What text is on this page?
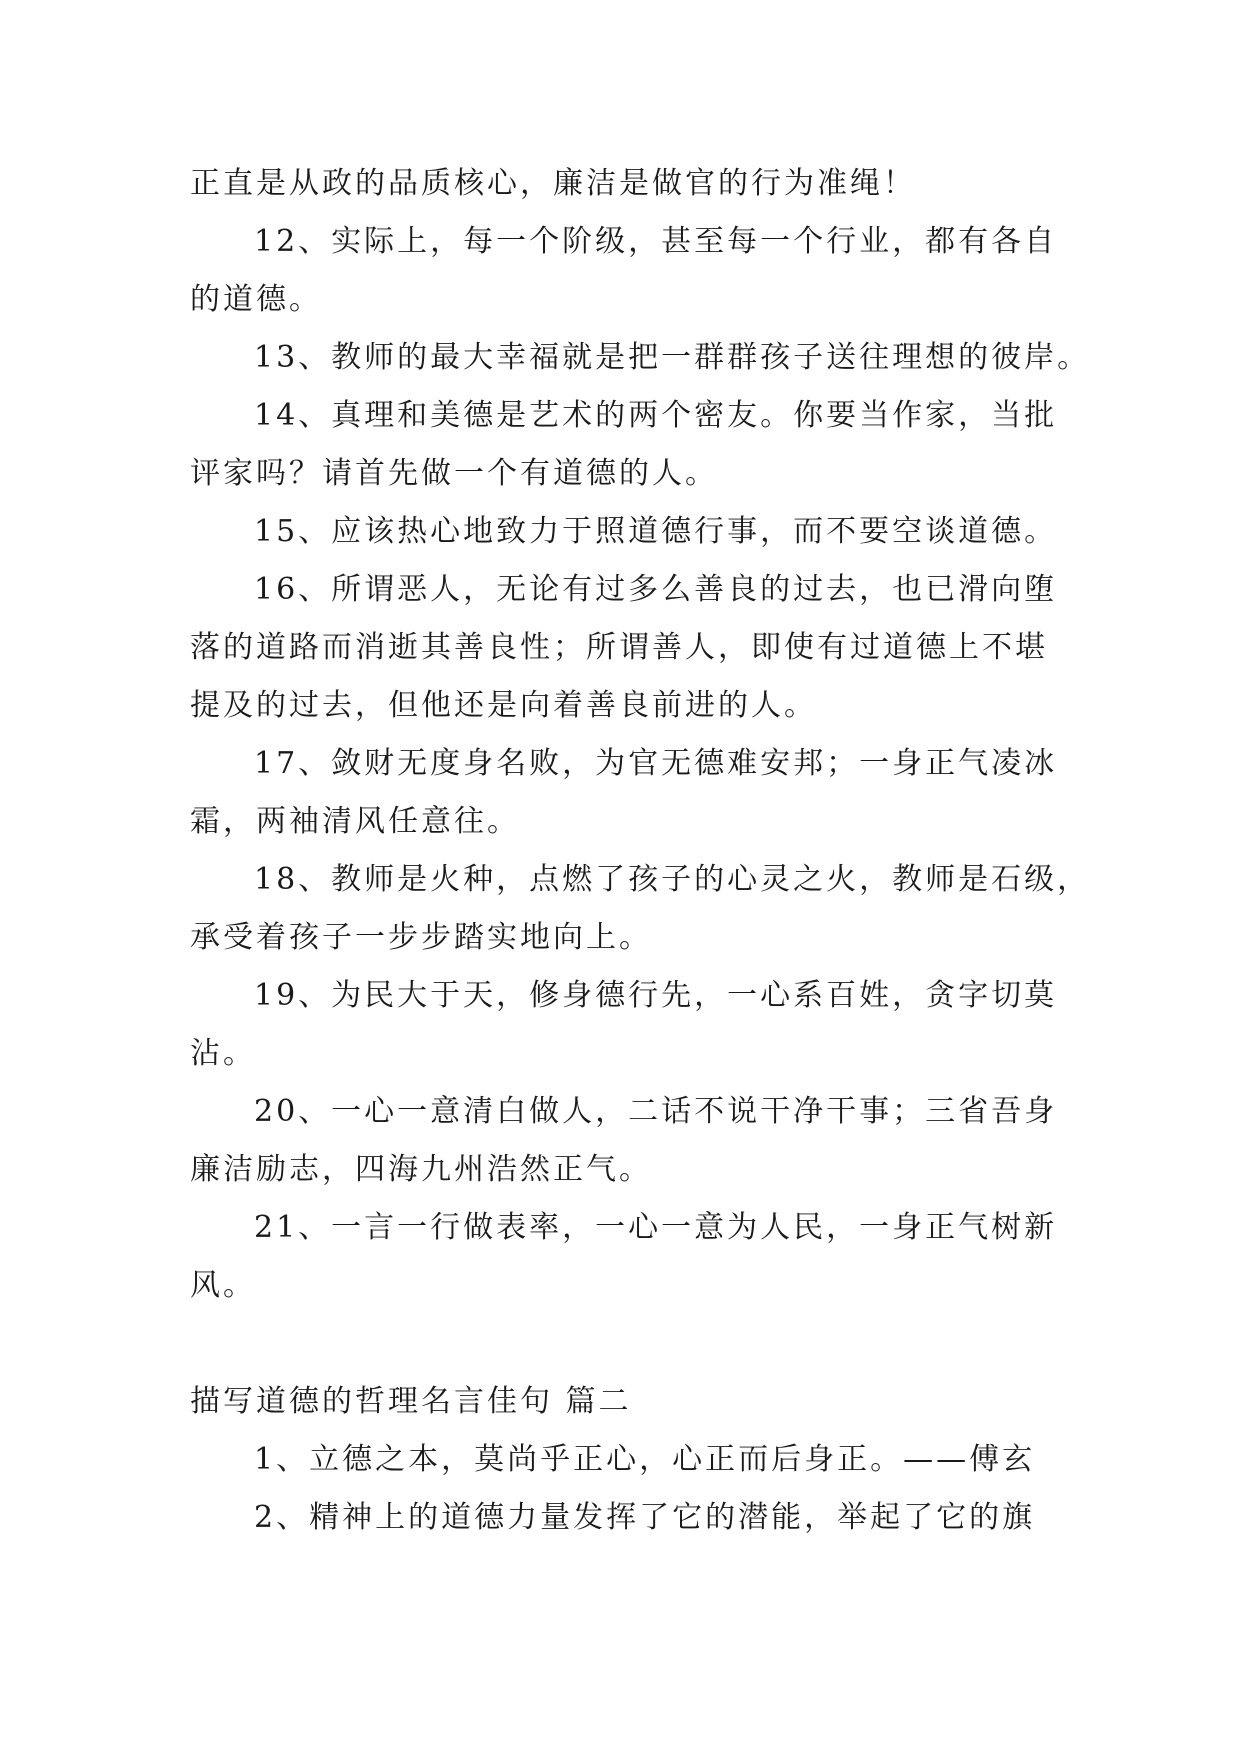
正直是从政的品质核心，廉洁是做官的行为准绳！
12、实际上，每一个阶级，甚至每一个行业，都有各自
的道德。
13、教师的最大幸福就是把一群群孩子送往理想的彼岸。
14、真理和美德是艺术的两个密友。你要当作家，当批
评家吗？请首先做一个有道德的人。
15、应该热心地致力于照道德行事，而不要空谈道德。
16、所谓恶人，无论有过多么善良的过去，也已滑向堕
落的道路而消逝其善良性；所谓善人，即使有过道德上不堪
提及的过去，但他还是向着善良前进的人。
17、敛财无度身名败，为官无德难安邦；一身正气凌冰
霜，两袖清风任意往。
18、教师是火种，点燃了孩子的心灵之火，教师是石级，
承受着孩子一步步踏实地向上。
19、为民大于天，修身德行先，一心系百姓，贪字切莫
沾。
20、一心一意清白做人，二话不说干净干事；三省吾身
廉洁励志，四海九州浩然正气。
21、一言一行做表率，一心一意为人民，一身正气树新
风。
描写道德的哲理名言佳句 篇二
1、立德之本，莫尚乎正心，心正而后身正。——傅玄
2、精神上的道德力量发挥了它的潜能，举起了它的旗
